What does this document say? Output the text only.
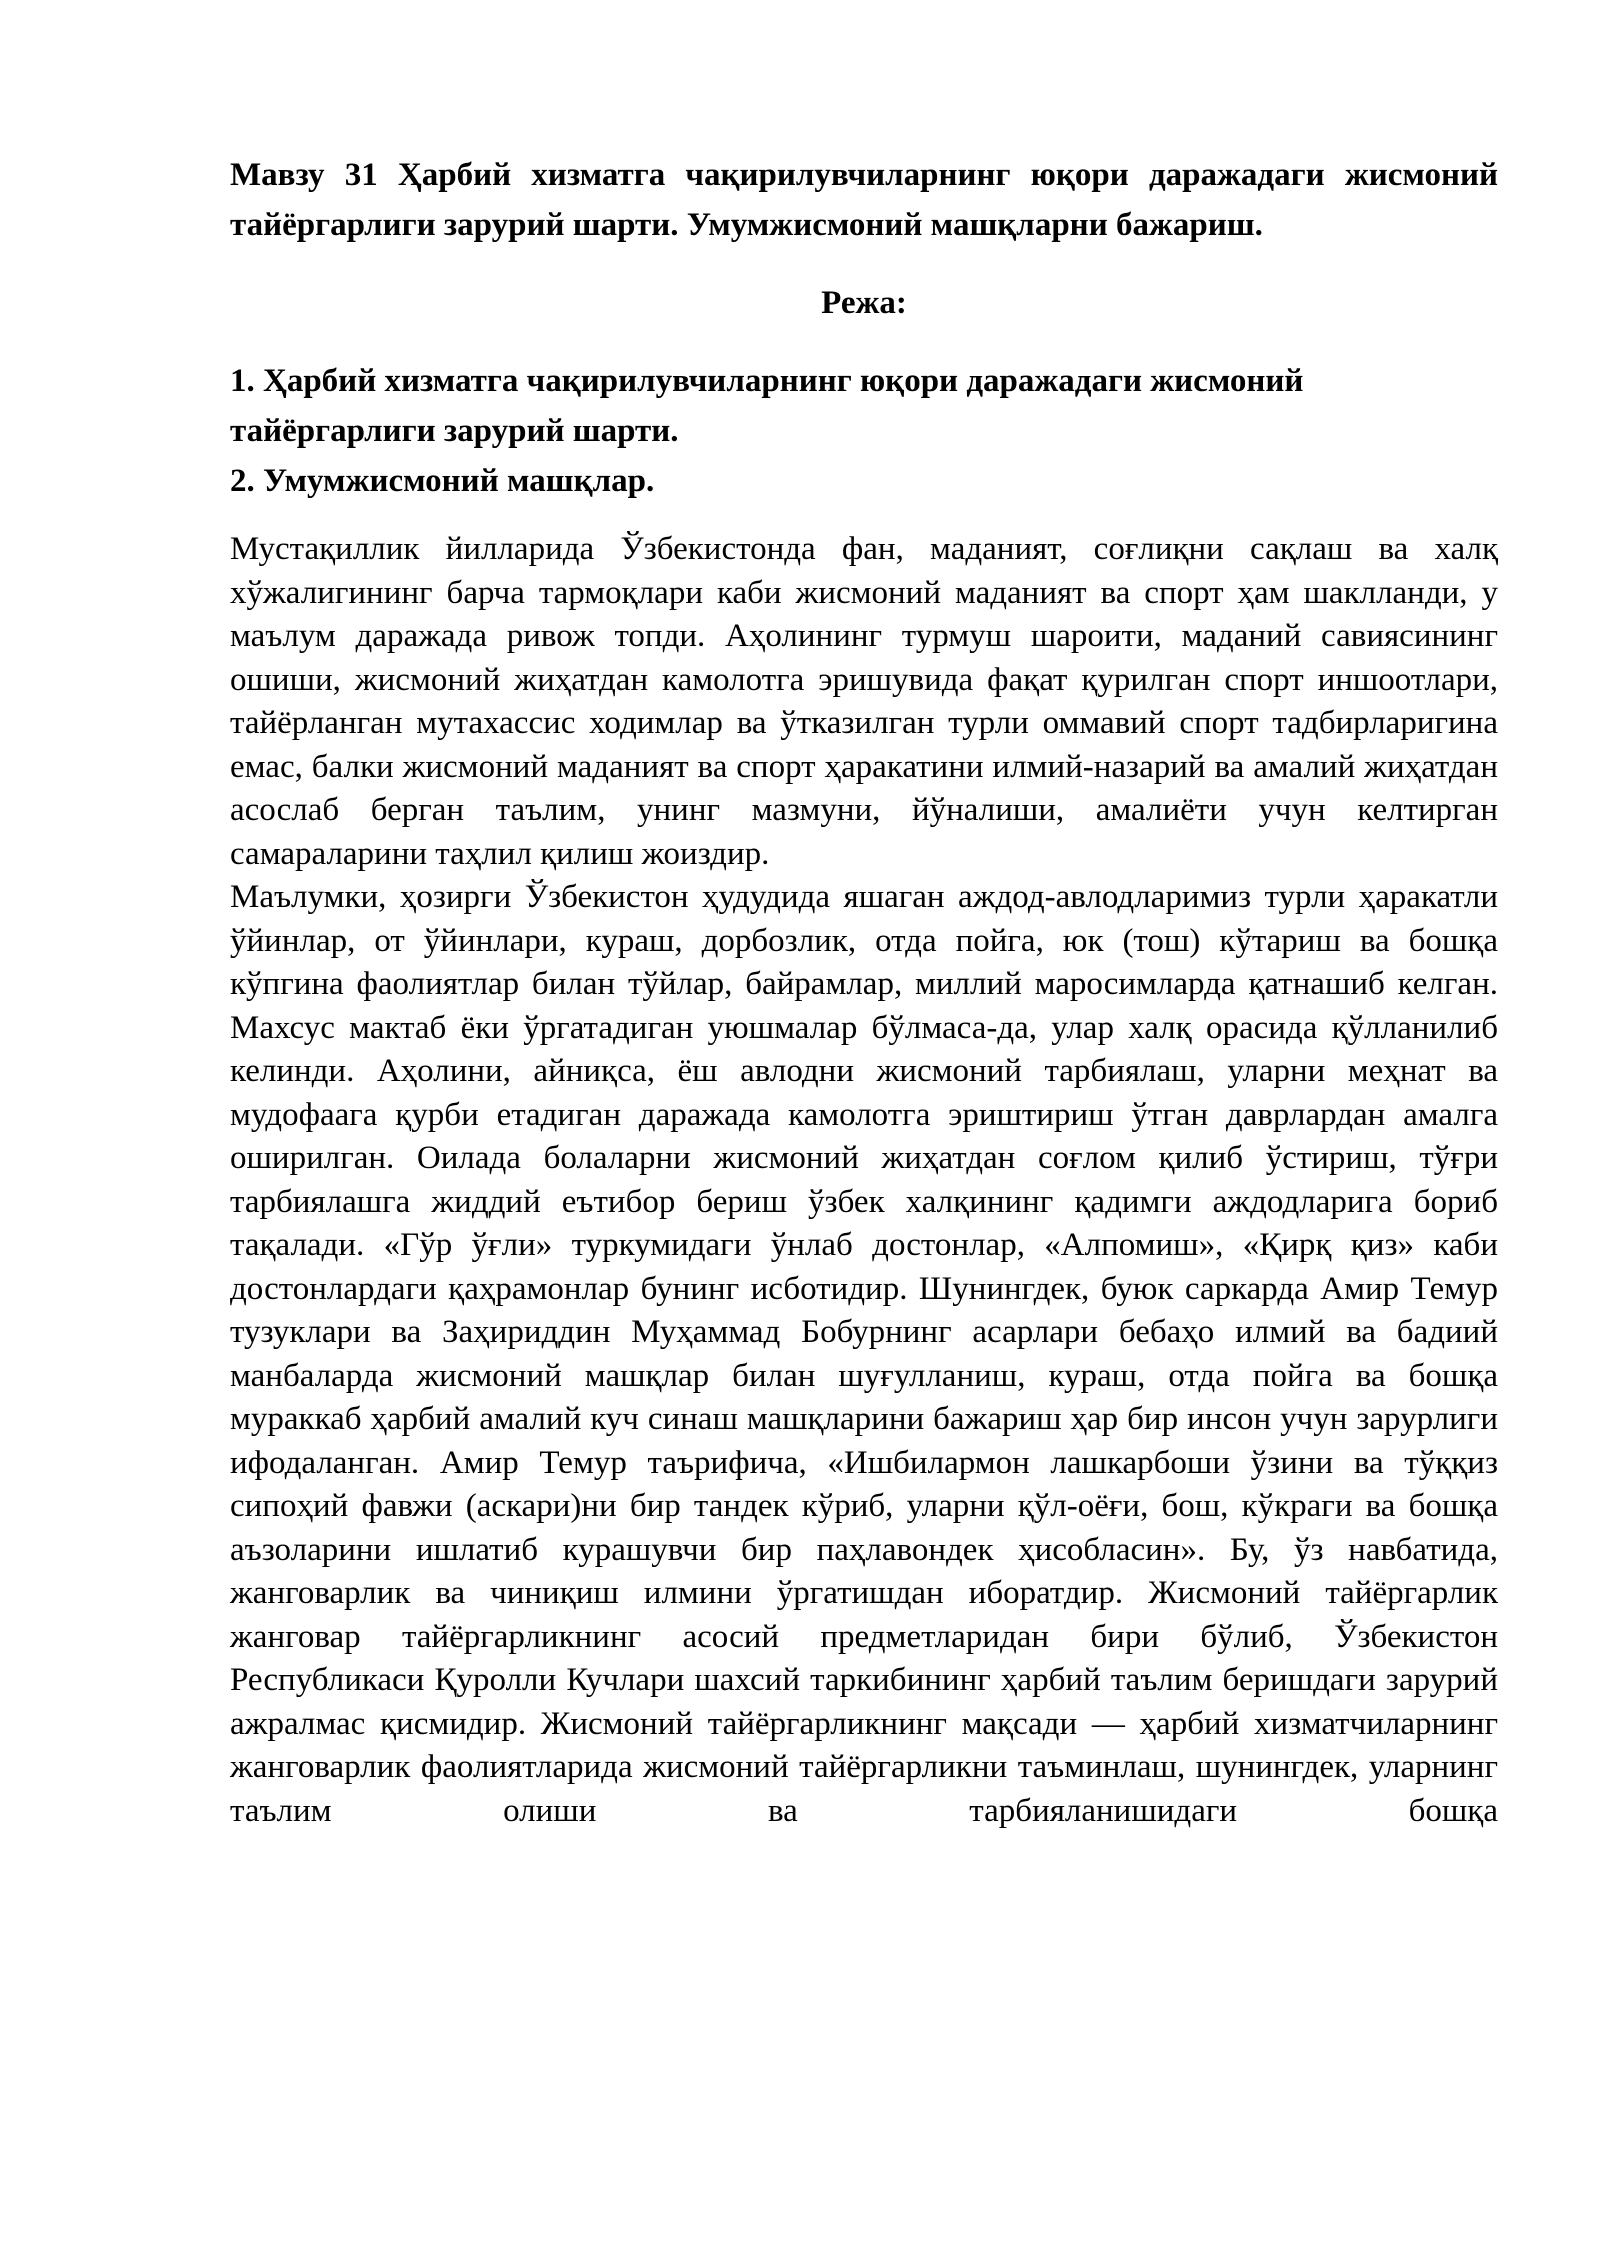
Мавзу 31 Ҳарбий хизматга чақирилувчиларнинг юқори даражадаги жисмоний тайёргарлиги зарурий шарти. Умумжисмоний машқларни бажариш.

Режа:

1. Ҳарбий хизматга чақирилувчиларнинг юқори даражадаги жисмоний тайёргарлиги зарурий шарти.
2. Умумжисмоний машқлар.

Мустақиллик йилларида Ўзбекистонда фан, маданият, соғлиқни сақлаш ва халқ хўжалигининг барча тармоқлари каби жисмоний маданият ва спорт ҳам шаклланди, у маълум даражада ривож топди. Аҳолининг турмуш шароити, маданий савиясининг ошиши, жисмоний жиҳатдан камолотга эришувида фақат қурилган спорт иншоотлари, тайёрланган мутахассис ходимлар ва ўтказилган турли оммавий спорт тадбирларигина емас, балки жисмоний маданият ва спорт ҳаракатини илмий-назарий ва амалий жиҳатдан асослаб берган таълим, унинг мазмуни, йўналиши, амалиёти учун келтирган самараларини таҳлил қилиш жоиздир.

Маълумки, ҳозирги Ўзбекистон ҳудудида яшаган аждод-авлодларимиз турли ҳаракатли ўйинлар, от ўйинлари, кураш, дорбозлик, отда пойга, юк (тош) кўтариш ва бошқа кўпгина фаолиятлар билан тўйлар, байрамлар, миллий маросимларда қатнашиб келган. Махсус мактаб ёки ўргатадиган уюшмалар бўлмаса-да, улар халқ орасида қўлланилиб келинди. Аҳолини, айниқса, ёш авлодни жисмоний тарбиялаш, уларни меҳнат ва мудофаага қурби етадиган даражада камолотга эриштириш ўтган даврлардан амалга оширилган. Оилада болаларни жисмоний жиҳатдан соғлом қилиб ўстириш, тўғри тарбиялашга жиддий еътибор бериш ўзбек халқининг қадимги аждодларига бориб тақалади. «Гўр ўғли» туркумидаги ўнлаб достонлар, «Алпомиш», «Қирқ қиз» каби достонлардаги қаҳрамонлар бунинг исботидир. Шунингдек, буюк саркарда Амир Темур тузуклари ва Заҳириддин Муҳаммад Бобурнинг асарлари бебаҳо илмий ва бадиий манбаларда жисмоний машқлар билан шуғулланиш, кураш, отда пойга ва бошқа мураккаб ҳарбий амалий куч синаш машқларини бажариш ҳар бир инсон учун зарурлиги ифодаланган. Амир Темур таърифича, «Ишбилармон лашкарбоши ўзини ва тўққиз сипоҳий фавжи (аскари)ни бир тандек кўриб, уларни қўл-оёғи, бош, кўкраги ва бошқа аъзоларини ишлатиб курашувчи бир паҳлавондек ҳисобласин». Бу, ўз навбатида, жанговарлик ва чиниқиш илмини ўргатишдан иборатдир. Жисмоний тайёргарлик жанговар тайёргарликнинг асосий предметларидан бири бўлиб, Ўзбекистон Республикаси Қуролли Кучлари шахсий таркибининг ҳарбий таълим беришдаги зарурий ажралмас қисмидир. Жисмоний тайёргарликнинг мақсади — ҳарбий хизматчиларнинг жанговарлик фаолиятларида жисмоний тайёргарликни таъминлаш, шунингдек, уларнинг таълим олиши ва тарбияланишидаги бошқа
